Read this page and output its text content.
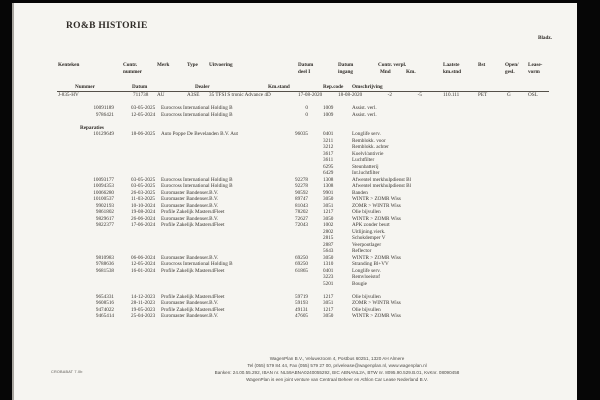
RO&B HISTORIE
Bladz.
Kenteken	Contr.
nummer
Merk	Type Uitvoering	Datum
deel I
Datum
ingang
Contr. verpl.
Mnd	Km.
Laatste
km.stnd
Bst	Open/
gesl.
Lease-
vorm
Nummer	Datum	Dealer	Km.stand	Rep.code Omschrijving
J-835-HV	711738	AU	A3SE	35 TFSI S tronic Advance 4D	17-08-2020	18-08-2020	-2	-5	110.111	PET	G	OSL
10091189	03-05-2025	Eurocross International Holding B	0	1009	Assist. verl.
9786421	12-05-2024	Eurocross International Holding B	0	1009	Assist. verl.
Reparaties
10129649	18-06-2025	Auto Poppe De Bevelanden B.V. Aut	96035	0401	Longlife serv.
3211	Remblokk. voor
3212	Remblokk. achter
3617	Koelvl/antivrie
3611	Luchtfilter
6295	Steunbatterij
6429	Int.luchtfilter
10093177	03-05-2025	Eurocross International Holding B	92278	1308	Afwentel merkhulpdienst Bl
10094353	03-05-2025	Eurocross International Holding B	92278	1308	Afwentel merkhulpdienst Bl
10066280	26-03-2025	Euromaster Bandenser.B.V.	90592	9901	Banden
10100537	11-03-2025	Euromaster Bandenser.B.V.	89747	3050	WINTR > ZOMR Wiss
9902193	10-10-2024	Euromaster Bandenser.B.V.	81043	3051	ZOMR > WINTR Wiss
9861802	19-08-2024	Profile Zakelijk Masters4Fleet	78202	1217	Olie bijvullen
9829617	26-06-2024	Euromaster Bandenser.B.V.	72627	3050	WINTR > ZOMR Wiss
9822377	17-06-2024	Profile Zakelijk Masters4Fleet	72043	1002	APK zonder beurt
2802	Uitlijning.vierk.
2815	Schokdemper V
2887	Veerpootlager
5643	Reflector
9810983	06-06-2024	Euromaster Bandenser.B.V.	69250	3050	WINTR > ZOMR Wiss
9788636	12-05-2024	Eurocross International Holding B	69250	1310	Stranding Bl+VV
9681538	16-01-2024	Profile Zakelijk Masters4Fleet	61865	0401	Longlife serv.
3223	Remvloeistof
5201	Bougie
9654331	14-12-2023	Profile Zakelijk Masters4Fleet	59719	1217	Olie bijvullen
9608516	28-11-2023	Euromaster Bandenser.B.V.	59193	3051	ZOMR > WINTR Wiss
9474022	19-05-2023	Profile Zakelijk Masters4Fleet	49131	1217	Olie bijvullen
9465414	25-04-2023	Euromaster Bandenser.B.V.	47605	3050	WINTR > ZOMR Wiss
WagenPlan B.V., Veluwezoom 4, Postbus 60251, 1320 AH Almere
Tel (055) 579 84 44, Fax (055) 579 27 00, privelease@wagenplan.nl, www.wagenplan.nl
Banken: 24.00.55.292, IBAN nr. NL59ABNA0240055292, BIC ABNANL2A, BTW nr. 8095.90.529.B.01, KvKnr. 08090458
WagenPlan is een joint venture van Centraal Beheer en Athlon Car Lease Nederland B.V.
CROBABAT 7.0b
